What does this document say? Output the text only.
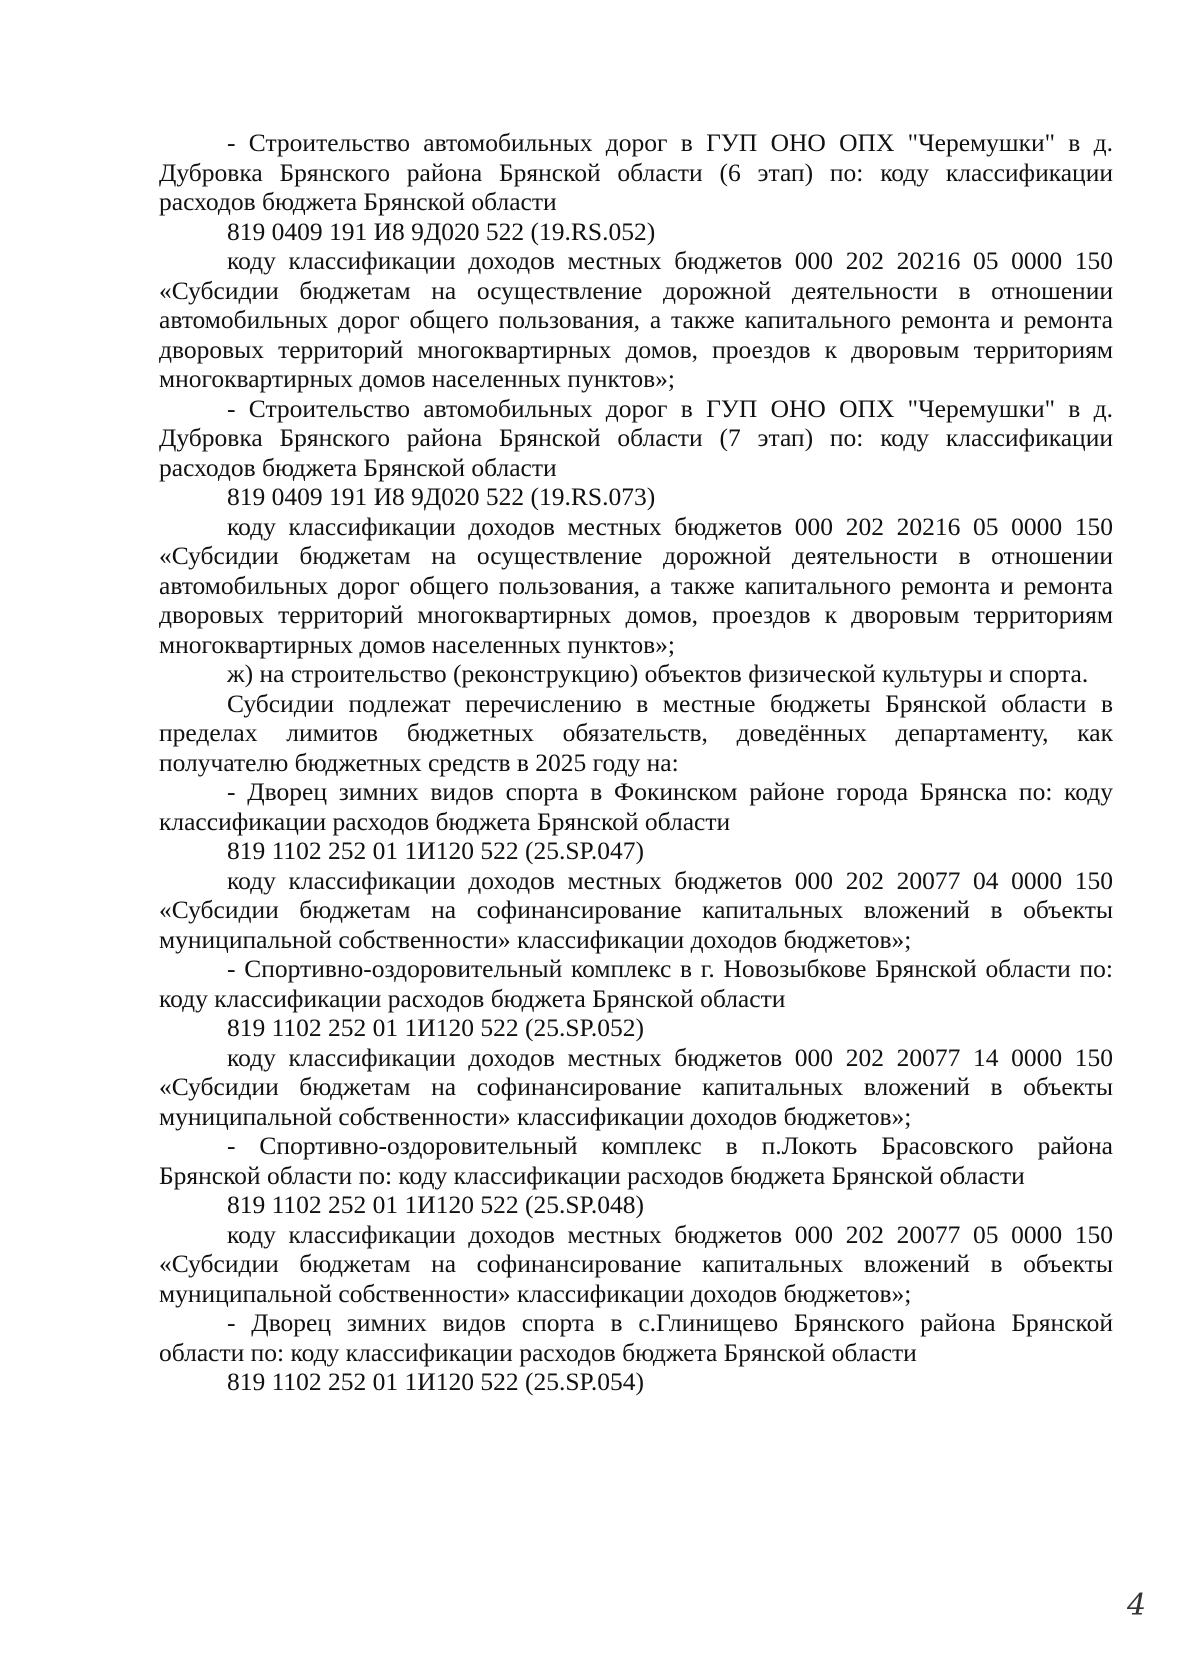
- Строительство автомобильных дорог в ГУП ОНО ОПХ "Черемушки" в д. Дубровка Брянского района Брянской области (6 этап) по: коду классификации расходов бюджета Брянской области

819 0409 191 И8 9Д020 522 (19.RS.052)

коду классификации доходов местных бюджетов 000 202 20216 05 0000 150 «Субсидии бюджетам на осуществление дорожной деятельности в отношении автомобильных дорог общего пользования, а также капитального ремонта и ремонта дворовых территорий многоквартирных домов, проездов к дворовым территориям многоквартирных домов населенных пунктов»;

- Строительство автомобильных дорог в ГУП ОНО ОПХ "Черемушки" в д. Дубровка Брянского района Брянской области (7 этап) по: коду классификации расходов бюджета Брянской области

819 0409 191 И8 9Д020 522 (19.RS.073)

коду классификации доходов местных бюджетов 000 202 20216 05 0000 150 «Субсидии бюджетам на осуществление дорожной деятельности в отношении автомобильных дорог общего пользования, а также капитального ремонта и ремонта дворовых территорий многоквартирных домов, проездов к дворовым территориям многоквартирных домов населенных пунктов»;

ж) на строительство (реконструкцию) объектов физической культуры и спорта.

Субсидии подлежат перечислению в местные бюджеты Брянской области в пределах лимитов бюджетных обязательств, доведённых департаменту, как получателю бюджетных средств в 2025 году на:

- Дворец зимних видов спорта в Фокинском районе города Брянска по: коду классификации расходов бюджета Брянской области

819 1102 252 01 1И120 522 (25.SP.047)

коду классификации доходов местных бюджетов 000 202 20077 04 0000 150 «Субсидии бюджетам на софинансирование капитальных вложений в объекты муниципальной собственности» классификации доходов бюджетов»;

- Спортивно-оздоровительный комплекс в г. Новозыбкове Брянской области по: коду классификации расходов бюджета Брянской области

819 1102 252 01 1И120 522 (25.SP.052)

коду классификации доходов местных бюджетов 000 202 20077 14 0000 150 «Субсидии бюджетам на софинансирование капитальных вложений в объекты муниципальной собственности» классификации доходов бюджетов»;

- Спортивно-оздоровительный комплекс в п.Локоть Брасовского района Брянской области по: коду классификации расходов бюджета Брянской области

819 1102 252 01 1И120 522 (25.SP.048)

коду классификации доходов местных бюджетов 000 202 20077 05 0000 150 «Субсидии бюджетам на софинансирование капитальных вложений в объекты муниципальной собственности» классификации доходов бюджетов»;

- Дворец зимних видов спорта в с.Глинищево Брянского района Брянской области по: коду классификации расходов бюджета Брянской области

819 1102 252 01 1И120 522 (25.SP.054)

4
